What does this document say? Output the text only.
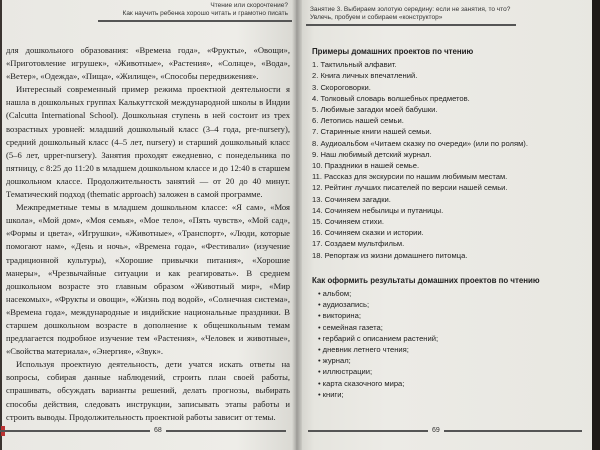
Чтение или скорочтение?
Как научить ребенка хорошо читать и грамотно писать

для дошкольного образования: «Времена года», «Фрукты», «Овощи», «Приготовление игрушек», «Животные», «Растения», «Солнце», «Вода», «Ветер», «Одежда», «Пища», «Жилище», «Способы передвижения».

Интересный современный пример режима проектной деятельности я нашла в дошкольных группах Калькуттской международной школы в Индии (Calcutta International School). Дошкольная ступень в ней состоит из трех возрастных уровней: младший дошкольный класс (3–4 года, pre-nursery), средний дошкольный класс (4–5 лет, nursery) и старший дошкольный класс (5–6 лет, upper-nursery). Занятия проходят ежедневно, с понедельника по пятницу, с 8:25 до 11:20 в младшем дошкольном классе и до 12:40 в старшем дошкольном классе. Продолжительность занятий — от 20 до 40 минут. Тематический подход (thematic approach) заложен в самой программе.

Межпредметные темы в младшем дошкольном классе: «Я сам», «Моя школа», «Мой дом», «Моя семья», «Мое тело», «Пять чувств», «Мой сад», «Формы и цвета», «Игрушки», «Животные», «Транспорт», «Люди, которые помогают нам», «День и ночь», «Времена года», «Фестивали» (изучение традиционной культуры), «Хорошие привычки питания», «Хорошие манеры», «Чрезвычайные ситуации и как реагировать». В среднем дошкольном возрасте это главным образом «Животный мир», «Мир насекомых», «Фрукты и овощи», «Жизнь под водой», «Солнечная система», «Времена года», международные и индийские национальные праздники. В старшем дошкольном возрасте в дополнение к общешкольным темам предлагается подробное изучение тем «Растения», «Человек и животные», «Свойства материала», «Энергия», «Звук».

Используя проектную деятельность, дети учатся искать ответы на вопросы, собирая данные наблюдений, строить план своей работы, спрашивать, обсуждать варианты решений, делать прогнозы, выбирать способы действия, следовать инструкции, записывать этапы работы и строить выводы. Продолжительность проектной работы зависит от темы.

Занятие 3. Выбираем золотую середину: если не занятия, то что?
Увлечь, пробуем и собираем «конструктор»
Примеры домашних проектов по чтению
1. Тактильный алфавит.
2. Книга личных впечатлений.
3. Скороговорки.
4. Толковый словарь волшебных предметов.
5. Любимые загадки моей бабушки.
6. Летопись нашей семьи.
7. Старинные книги нашей семьи.
8. Аудиоальбом «Читаем сказку по очереди» (или по ролям).
9. Наш любимый детский журнал.
10. Праздники в нашей семье.
11. Рассказ для экскурсии по нашим любимым местам.
12. Рейтинг лучших писателей по версии нашей семьи.
13. Сочиняем загадки.
14. Сочиняем небылицы и путаницы.
15. Сочиняем стихи.
16. Сочиняем сказки и истории.
17. Создаем мультфильм.
18. Репортаж из жизни домашнего питомца.
Как оформить результаты домашних проектов по чтению
• альбом;
• аудиозапись;
• викторина;
• семейная газета;
• гербарий с описанием растений;
• дневник летнего чтения;
• журнал;
• иллюстрации;
• карта сказочного мира;
• книги;
68	69
